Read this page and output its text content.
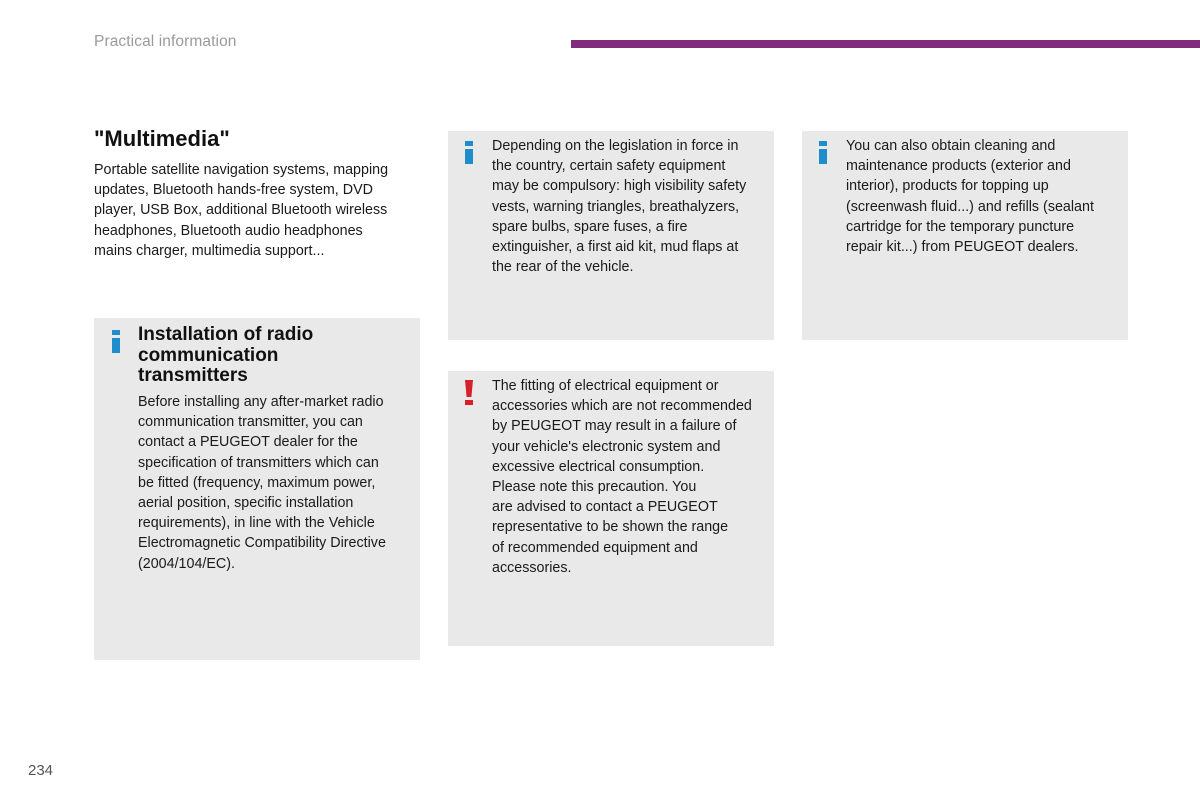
Practical information
"Multimedia"
Portable satellite navigation systems, mapping
updates, Bluetooth hands-free system, DVD
player, USB Box, additional Bluetooth wireless
headphones, Bluetooth audio headphones
mains charger, multimedia support...
Installation of radio
communication
transmitters
Before installing any after-market radio
communication transmitter, you can
contact a PEUGEOT dealer for the
specification of transmitters which can
be fitted (frequency, maximum power,
aerial position, specific installation
requirements), in line with the Vehicle
Electromagnetic Compatibility Directive
(2004/104/EC).
Depending on the legislation in force in
the country, certain safety equipment
may be compulsory: high visibility safety
vests, warning triangles, breathalyzers,
spare bulbs, spare fuses, a fire
extinguisher, a first aid kit, mud flaps at
the rear of the vehicle.
You can also obtain cleaning and
maintenance products (exterior and
interior), products for topping up
(screenwash fluid...) and refills (sealant
cartridge for the temporary puncture
repair kit...) from PEUGEOT dealers.
The fitting of electrical equipment or
accessories which are not recommended
by PEUGEOT may result in a failure of
your vehicle's electronic system and
excessive electrical consumption.
Please note this precaution. You
are advised to contact a PEUGEOT
representative to be shown the range
of recommended equipment and
accessories.
234
